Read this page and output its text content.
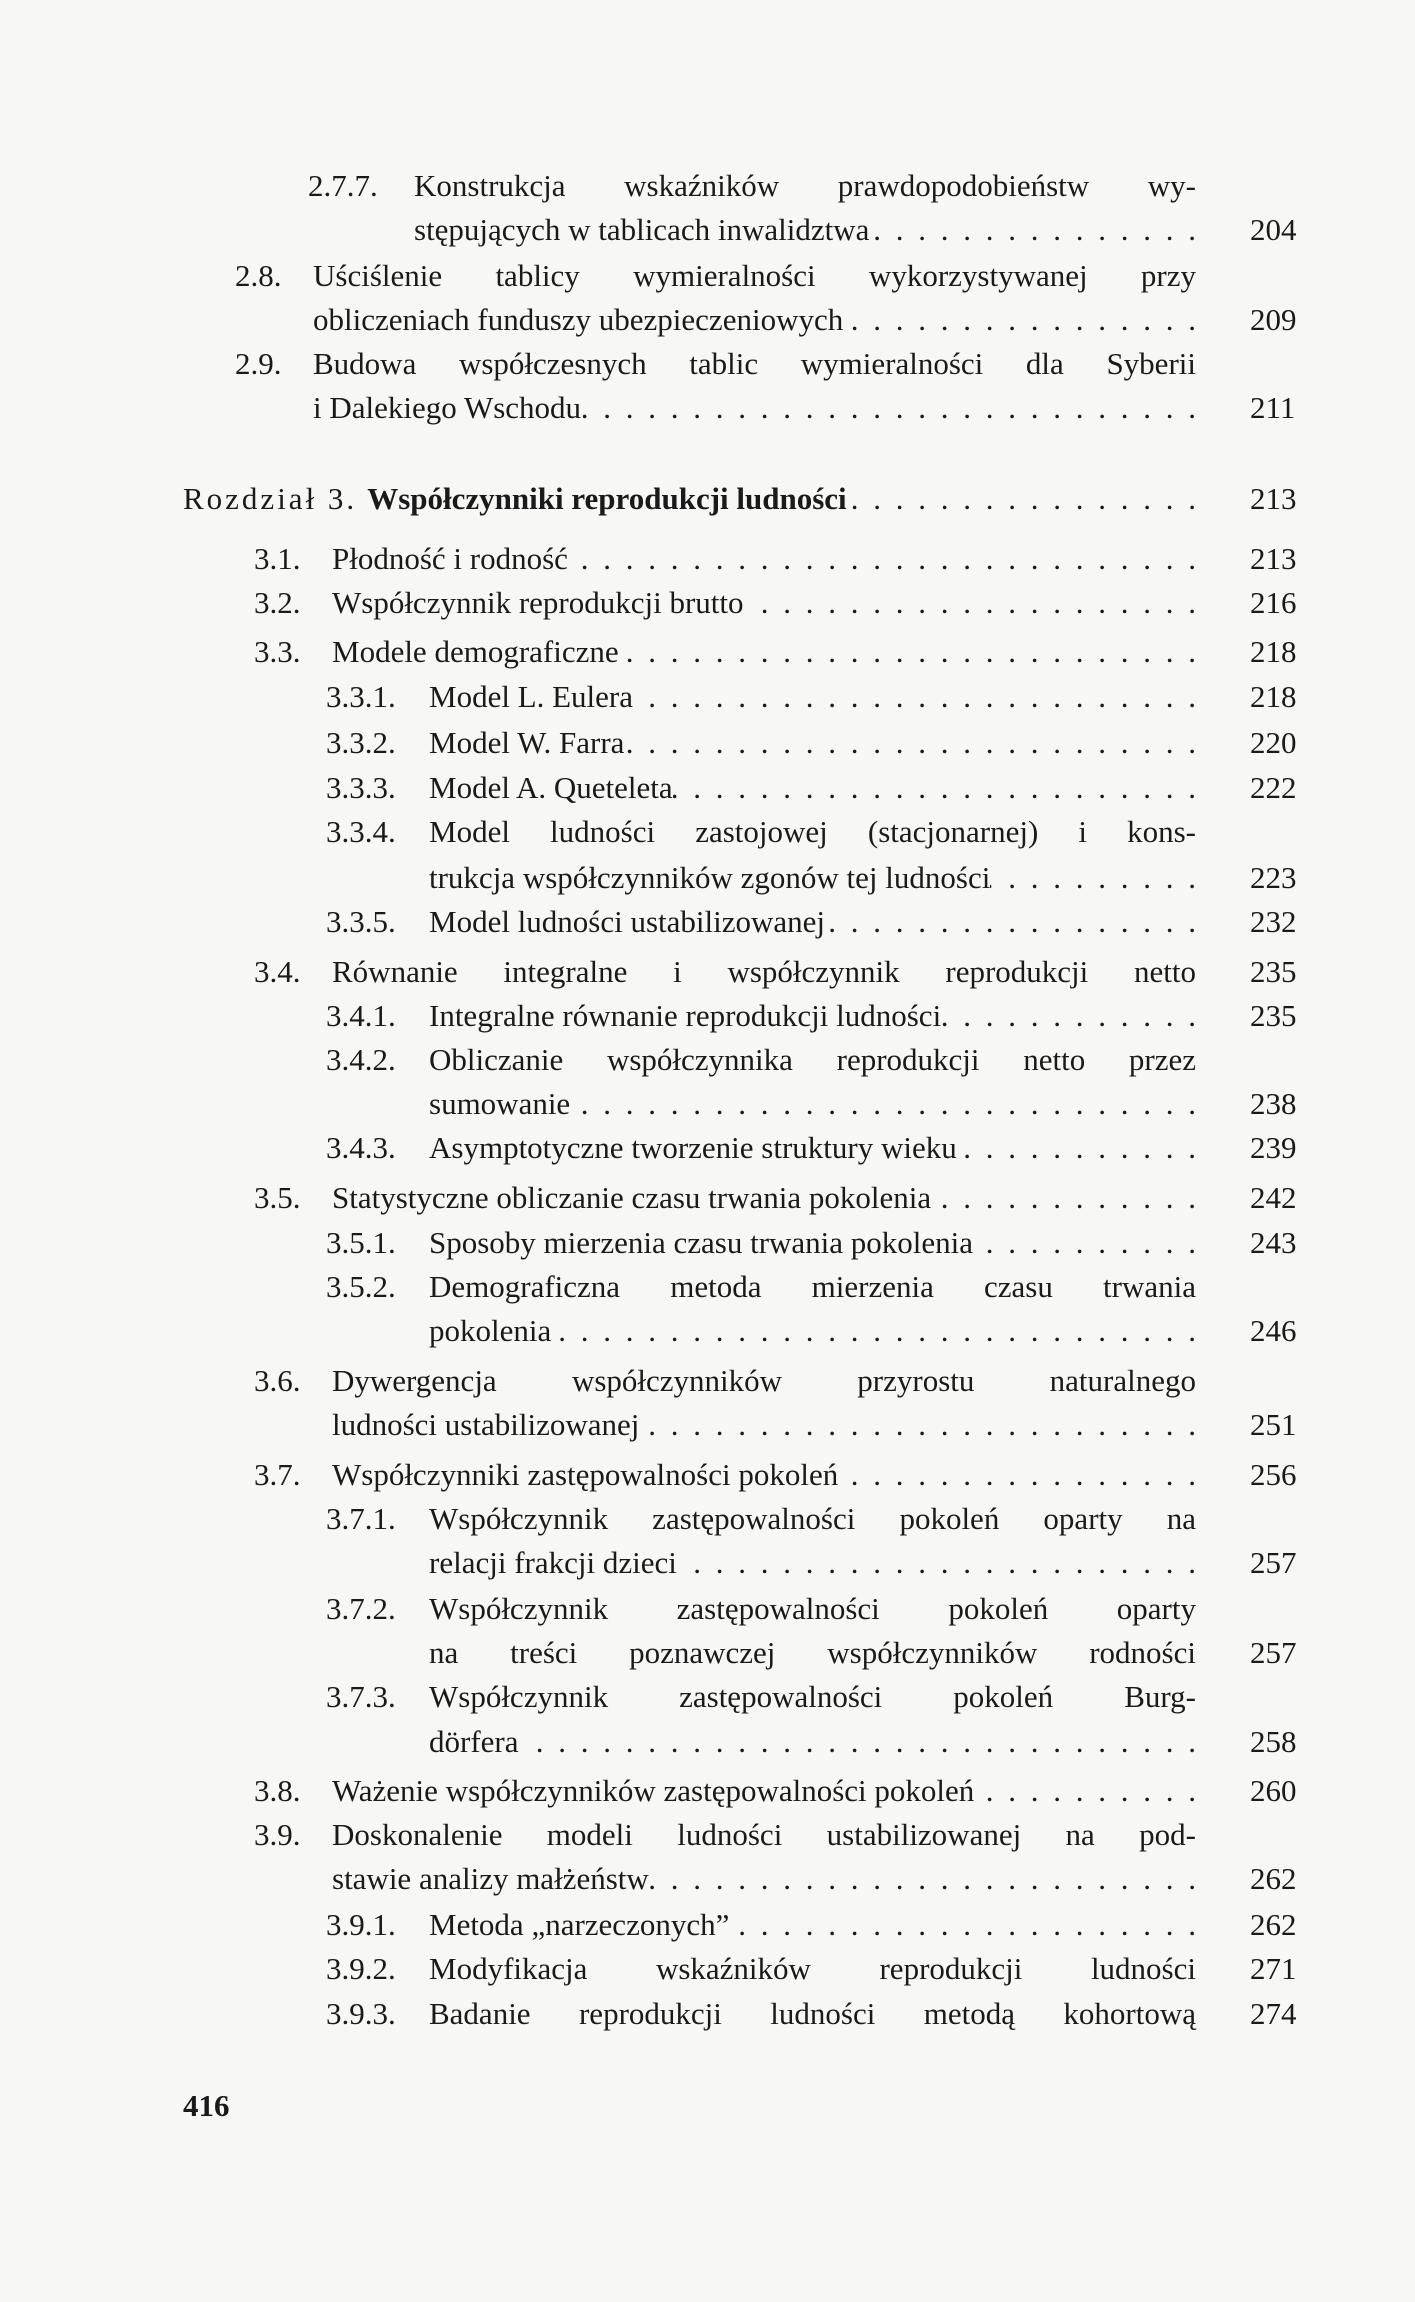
2.7.7. Konstrukcja wskaźników prawdopodobieństw wy-
stępujących w tablicach inwalidztwa . . .	204
2.8. Uściślenie tablicy wymieralności wykorzystywanej przy
obliczeniach funduszy ubezpieczeniowych . . .	209
2.9. Budowa współczesnych tablic wymieralności dla Syberii
i Dalekiego Wschodu . . .	211
Rozdział 3. Współczynniki reprodukcji ludności . . .	213
3.1. Płodność i rodność . . .	213
3.2. Współczynnik reprodukcji brutto . . .	216
3.3. Modele demograficzne . . .	218
3.3.1. Model L. Eulera . . .	218
3.3.2. Model W. Farra . . .	220
3.3.3. Model A. Queteleta . . .	222
3.3.4. Model ludności zastojowej (stacjonarnej) i kons-
trukcja współczynników zgonów tej ludności . . .	223
3.3.5. Model ludności ustabilizowanej . . .	232
3.4. Równanie integralne i współczynnik reprodukcji netto 235
3.4.1. Integralne równanie reprodukcji ludności . . .	235
3.4.2. Obliczanie współczynnika reprodukcji netto przez
sumowanie . . .	238
3.4.3. Asymptotyczne tworzenie struktury wieku . . .	239
3.5. Statystyczne obliczanie czasu trwania pokolenia . . .	242
3.5.1. Sposoby mierzenia czasu trwania pokolenia . . .	243
3.5.2. Demograficzna metoda mierzenia czasu trwania
pokolenia . . .	246
3.6. Dywergencja współczynników przyrostu naturalnego
ludności ustabilizowanej . . .	251
3.7. Współczynniki zastępowalności pokoleń . . .	256
3.7.1. Współczynnik zastępowalności pokoleń oparty na
relacji frakcji dzieci . . .	257
3.7.2. Współczynnik zastępowalności pokoleń oparty
na treści poznawczej współczynników rodności 257
3.7.3. Współczynnik zastępowalności pokoleń Burg-
dörfera . . .	258
3.8. Ważenie współczynników zastępowalności pokoleń . . .	260
3.9. Doskonalenie modeli ludności ustabilizowanej na pod-
stawie analizy małżeństw . . .	262
3.9.1. Metoda „narzeczonych” . . .	262
3.9.2. Modyfikacja wskaźników reprodukcji ludności 271
3.9.3. Badanie reprodukcji ludności metodą kohortową 274
416
